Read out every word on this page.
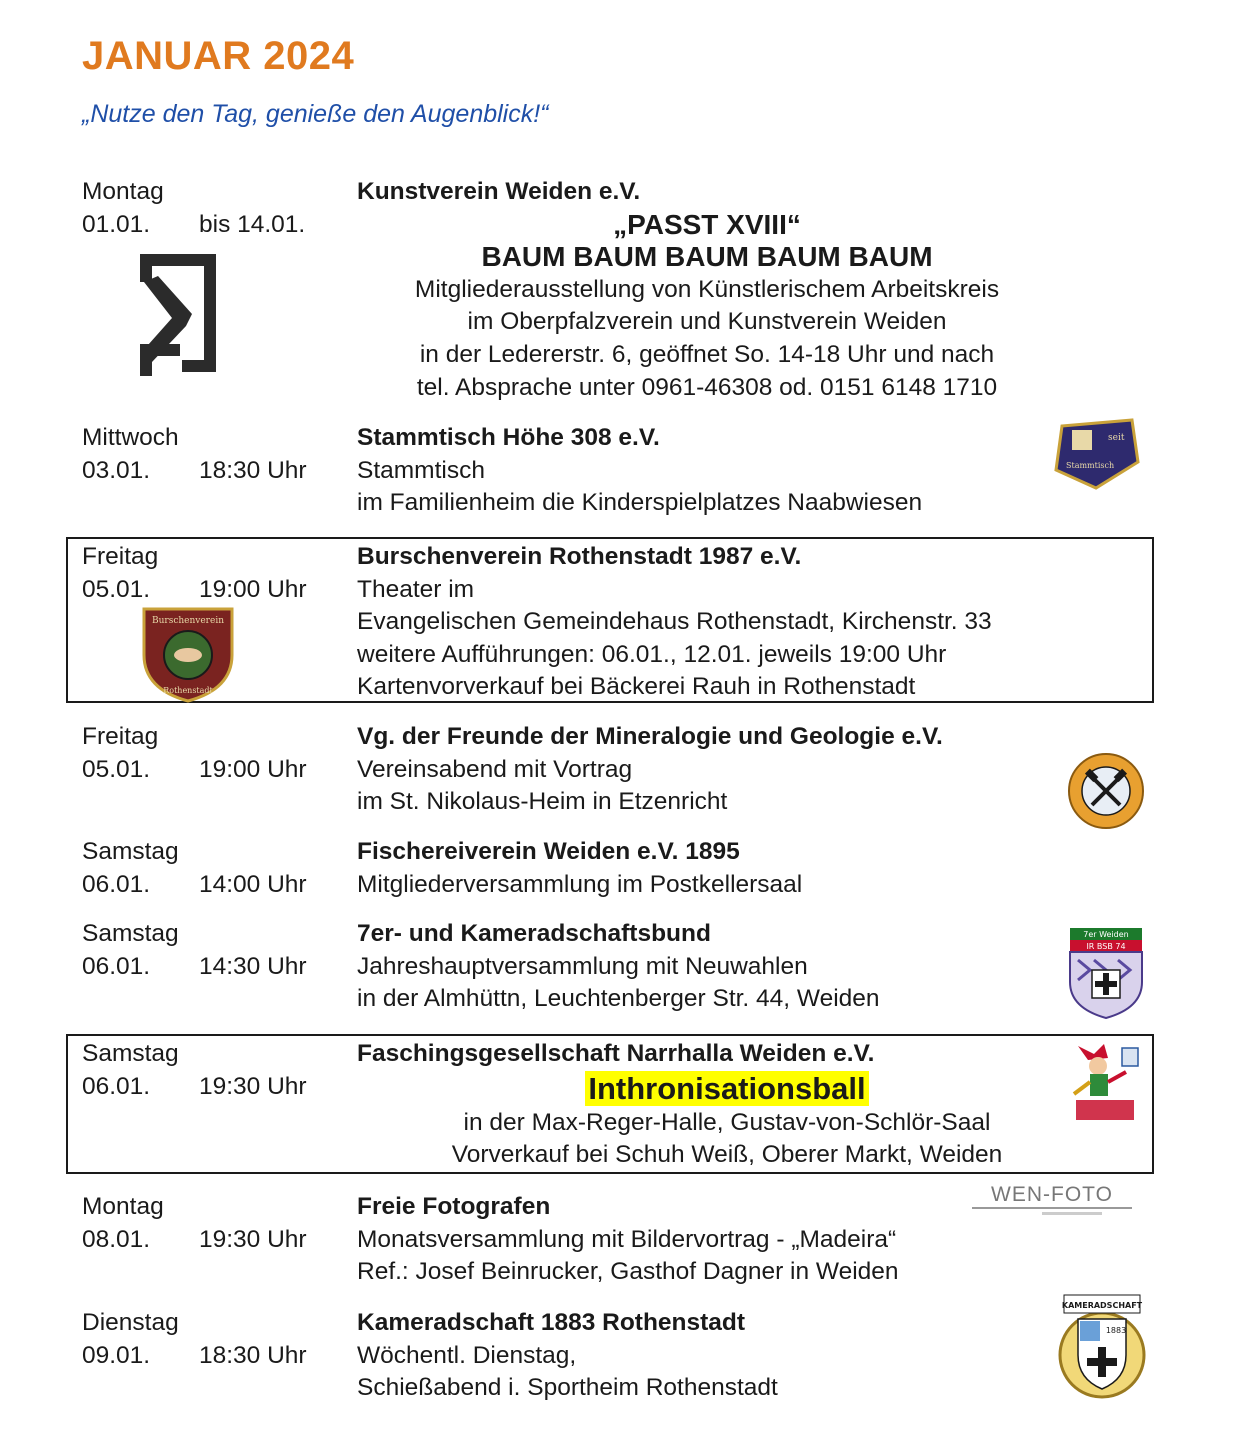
JANUAR 2024

„Nutze den Tag, genieße den Augenblick!“

Montag
01.01. bis 14.01.
Kunstverein Weiden e.V.
„PASST XVIII“
BAUM BAUM BAUM BAUM BAUM
Mitgliederausstellung von Künstlerischem Arbeitskreis
im Oberpfalzverein und Kunstverein Weiden
in der Ledererstr. 6, geöffnet So. 14-18 Uhr und nach
tel. Absprache unter 0961-46308 od. 0151 6148 1710
Mittwoch
03.01. 18:30 Uhr
Stammtisch Höhe 308 e.V.
Stammtisch
im Familienheim die Kinderspielplatzes Naabwiesen
seit
Stammtisch
Freitag
05.01. 19:00 Uhr
Burschenverein
Rothenstadt
Burschenverein Rothenstadt 1987 e.V.
Theater im
Evangelischen Gemeindehaus Rothenstadt, Kirchenstr. 33
weitere Aufführungen: 06.01., 12.01. jeweils 19:00 Uhr
Kartenvorverkauf bei Bäckerei Rauh in Rothenstadt
Freitag
05.01. 19:00 Uhr
Vg. der Freunde der Mineralogie und Geologie e.V.
Vereinsabend mit Vortrag
im St. Nikolaus-Heim in Etzenricht
Samstag
06.01. 14:00 Uhr
Fischereiverein Weiden e.V. 1895
Mitgliederversammlung im Postkellersaal
Samstag
06.01. 14:30 Uhr
7er- und Kameradschaftsbund
Jahreshauptversammlung mit Neuwahlen
in der Almhüttn, Leuchtenberger Str. 44, Weiden
7er Weiden
IR BSB 74
Samstag
06.01. 19:30 Uhr
Faschingsgesellschaft Narrhalla Weiden e.V.
Inthronisationsball
in der Max-Reger-Halle, Gustav-von-Schlör-Saal
Vorverkauf bei Schuh Weiß, Oberer Markt, Weiden
Montag
08.01. 19:30 Uhr
Freie Fotografen
Monatsversammlung mit Bildervortrag - „Madeira“
Ref.: Josef Beinrucker, Gasthof Dagner in Weiden
WEN-FOTO
Dienstag
09.01. 18:30 Uhr
Kameradschaft 1883 Rothenstadt
Wöchentl. Dienstag,
Schießabend i. Sportheim Rothenstadt
KAMERADSCHAFT
1883
